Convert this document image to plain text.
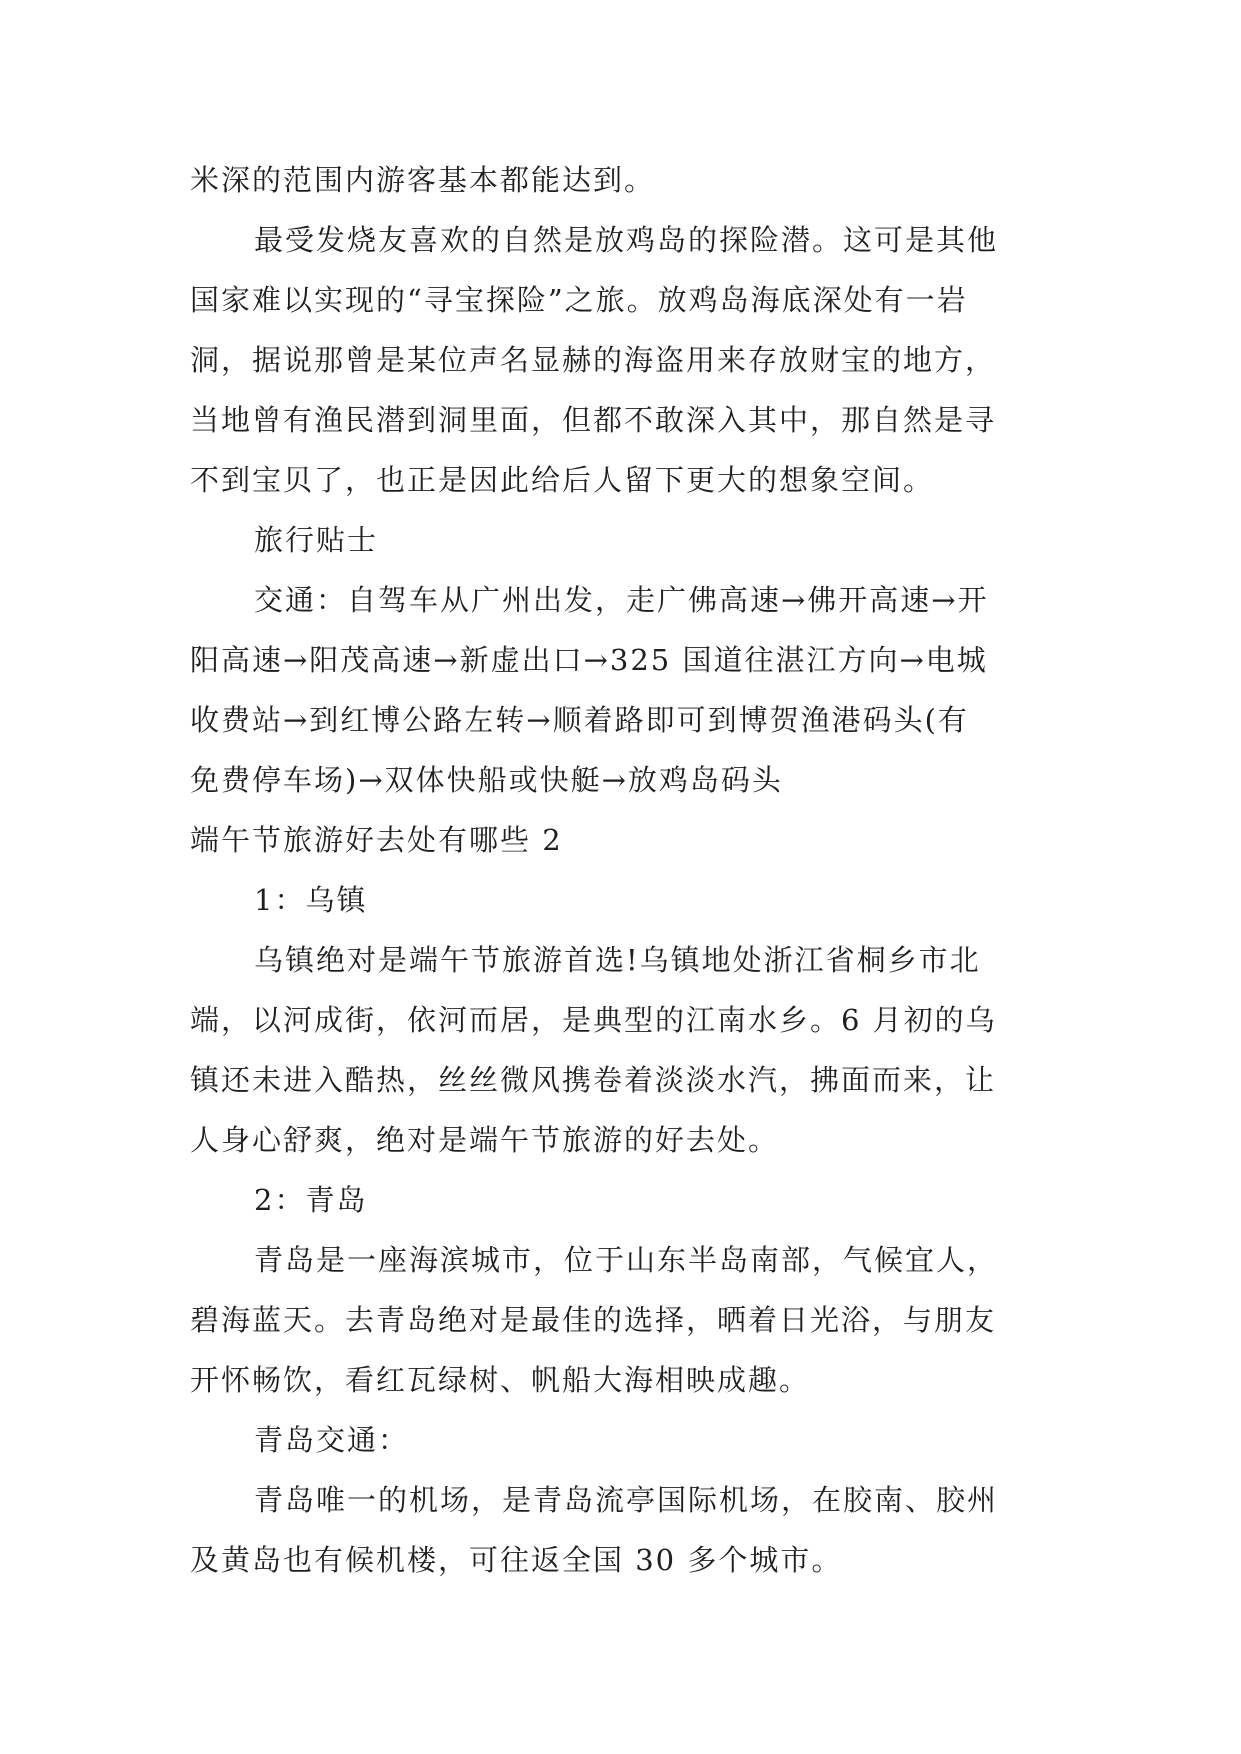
米深的范围内游客基本都能达到。
最受发烧友喜欢的自然是放鸡岛的探险潜。这可是其他
国家难以实现的“寻宝探险”之旅。放鸡岛海底深处有一岩
洞，据说那曾是某位声名显赫的海盗用来存放财宝的地方，
当地曾有渔民潜到洞里面，但都不敢深入其中，那自然是寻
不到宝贝了，也正是因此给后人留下更大的想象空间。
旅行贴士
交通：自驾车从广州出发，走广佛高速→佛开高速→开
阳高速→阳茂高速→新虚出口→325 国道往湛江方向→电城
收费站→到红博公路左转→顺着路即可到博贺渔港码头(有
免费停车场)→双体快船或快艇→放鸡岛码头
端午节旅游好去处有哪些 2
1：乌镇
乌镇绝对是端午节旅游首选!乌镇地处浙江省桐乡市北
端，以河成街，依河而居，是典型的江南水乡。6 月初的乌
镇还未进入酷热，丝丝微风携卷着淡淡水汽，拂面而来，让
人身心舒爽，绝对是端午节旅游的好去处。
2：青岛
青岛是一座海滨城市，位于山东半岛南部，气候宜人，
碧海蓝天。去青岛绝对是最佳的选择，晒着日光浴，与朋友
开怀畅饮，看红瓦绿树、帆船大海相映成趣。
青岛交通：
青岛唯一的机场，是青岛流亭国际机场，在胶南、胶州
及黄岛也有候机楼，可往返全国 30 多个城市。
